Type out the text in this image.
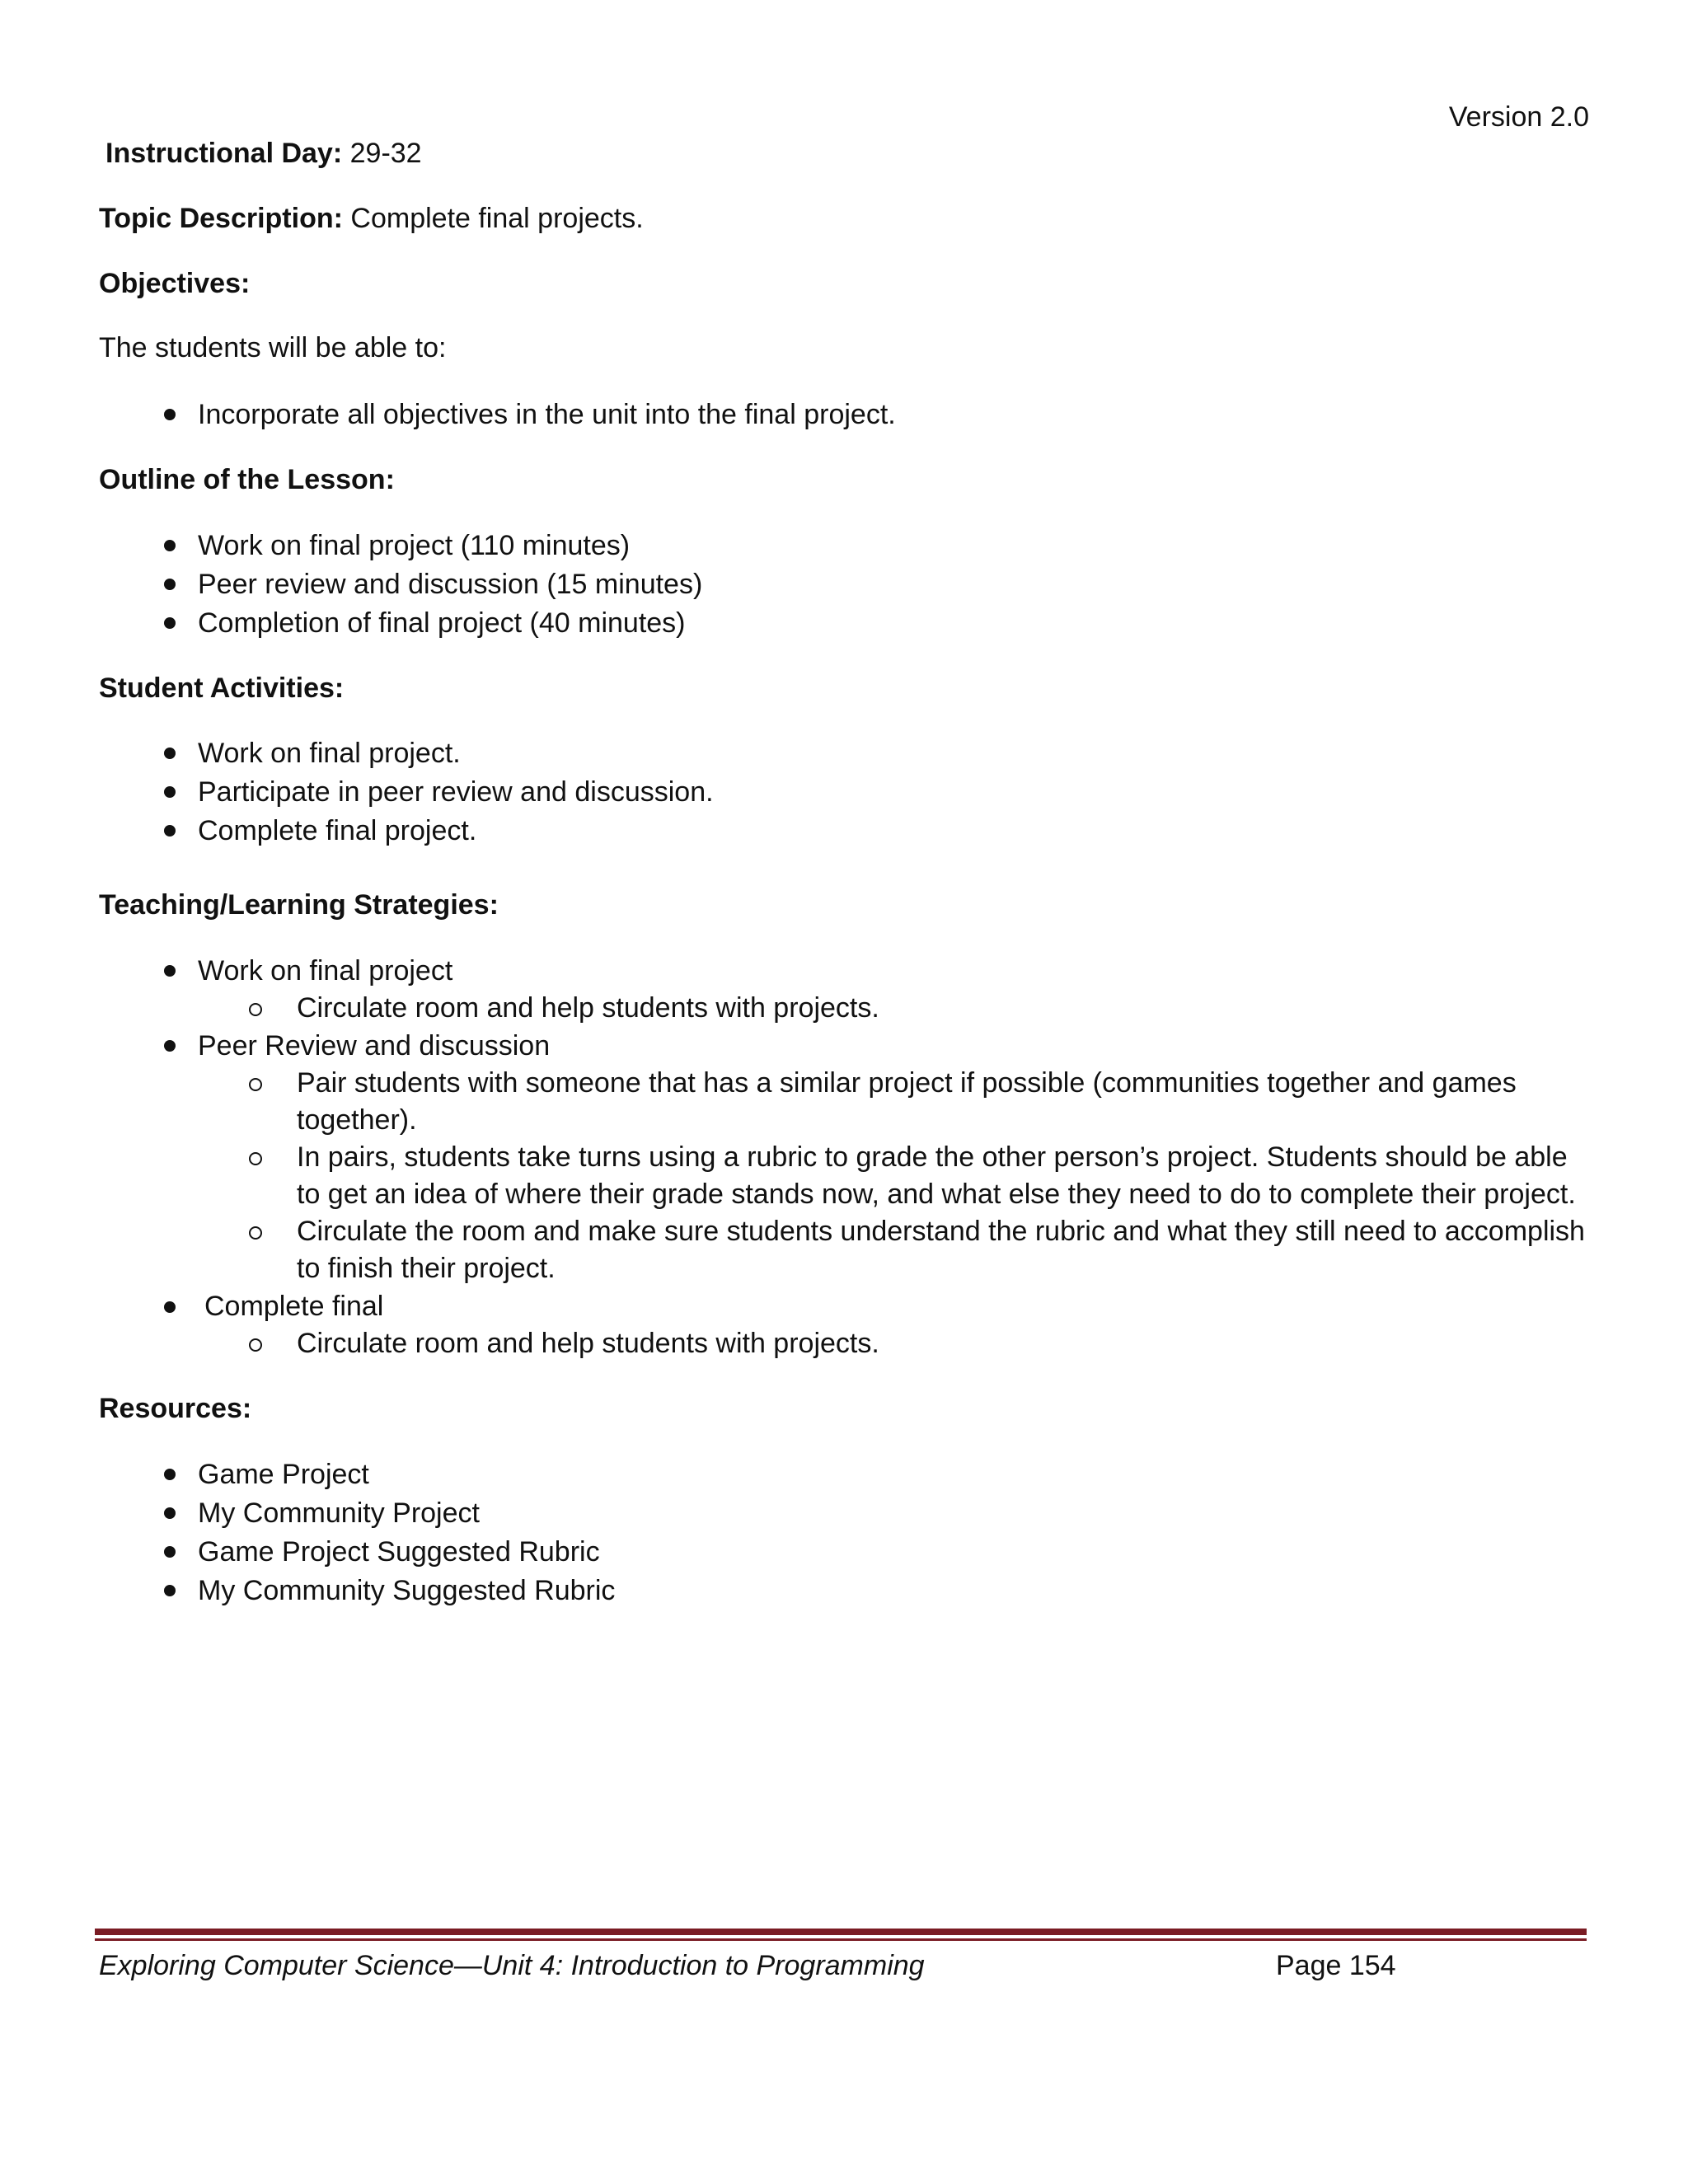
Version 2.0
Instructional Day: 29-32
Topic Description: Complete final projects.
Objectives:
The students will be able to:
Incorporate all objectives in the unit into the final project.
Outline of the Lesson:
Work on final project (110 minutes)
Peer review and discussion (15 minutes)
Completion of final project (40 minutes)
Student Activities:
Work on final project.
Participate in peer review and discussion.
Complete final project.
Teaching/Learning Strategies:
Work on final project
Circulate room and help students with projects.
Peer Review and discussion
Pair students with someone that has a similar project if possible (communities together and games
together).
In pairs, students take turns using a rubric to grade the other person’s project. Students should be able
to get an idea of where their grade stands now, and what else they need to do to complete their project.
Circulate the room and make sure students understand the rubric and what they still need to accomplish
to finish their project.
Complete final
Circulate room and help students with projects.
Resources:
Game Project
My Community Project
Game Project Suggested Rubric
My Community Suggested Rubric
Exploring Computer Science—Unit 4: Introduction to Programming	Page 154
